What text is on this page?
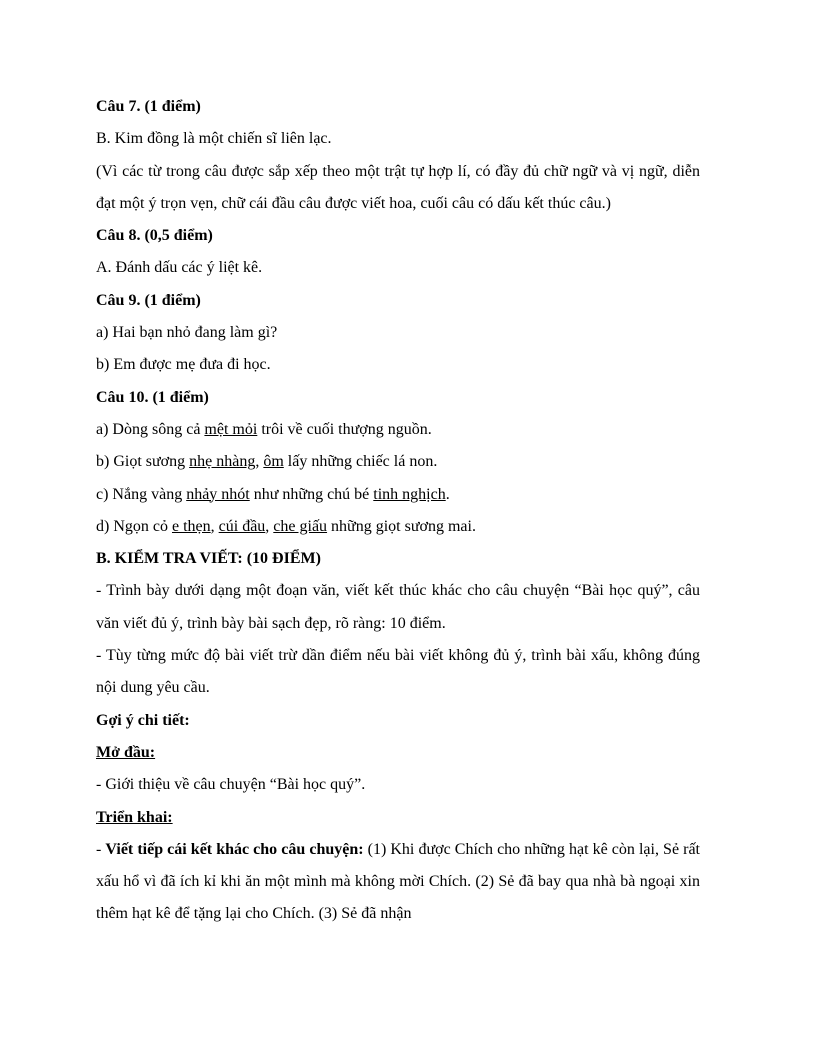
Câu 7. (1 điểm)

B. Kim đồng là một chiến sĩ liên lạc.

(Vì các từ trong câu được sắp xếp theo một trật tự hợp lí, có đầy đủ chữ ngữ và vị ngữ, diễn đạt một ý trọn vẹn, chữ cái đầu câu được viết hoa, cuối câu có dấu kết thúc câu.)

Câu 8. (0,5 điểm)

A. Đánh dấu các ý liệt kê.

Câu 9. (1 điểm)

a) Hai bạn nhỏ đang làm gì?

b) Em được mẹ đưa đi học.

Câu 10. (1 điểm)

a) Dòng sông cả mệt mỏi trôi về cuối thượng nguồn.

b) Giọt sương nhẹ nhàng, ôm lấy những chiếc lá non.

c) Nắng vàng nhảy nhót như những chú bé tinh nghịch.

d) Ngọn cỏ e thẹn, cúi đầu, che giấu những giọt sương mai.

B. KIỂM TRA VIẾT: (10 ĐIỂM)

- Trình bày dưới dạng một đoạn văn, viết kết thúc khác cho câu chuyện “Bài học quý”, câu văn viết đủ ý, trình bày bài sạch đẹp, rõ ràng: 10 điểm.

- Tùy từng mức độ bài viết trừ dần điểm nếu bài viết không đủ ý, trình bài xấu, không đúng nội dung yêu cầu.

Gợi ý chi tiết:

Mở đầu:

- Giới thiệu về câu chuyện “Bài học quý”.

Triển khai:

- Viết tiếp cái kết khác cho câu chuyện: (1) Khi được Chích cho những hạt kê còn lại, Sẻ rất xấu hổ vì đã ích kỉ khi ăn một mình mà không mời Chích. (2) Sẻ đã bay qua nhà bà ngoại xin thêm hạt kê để tặng lại cho Chích. (3) Sẻ đã nhận
